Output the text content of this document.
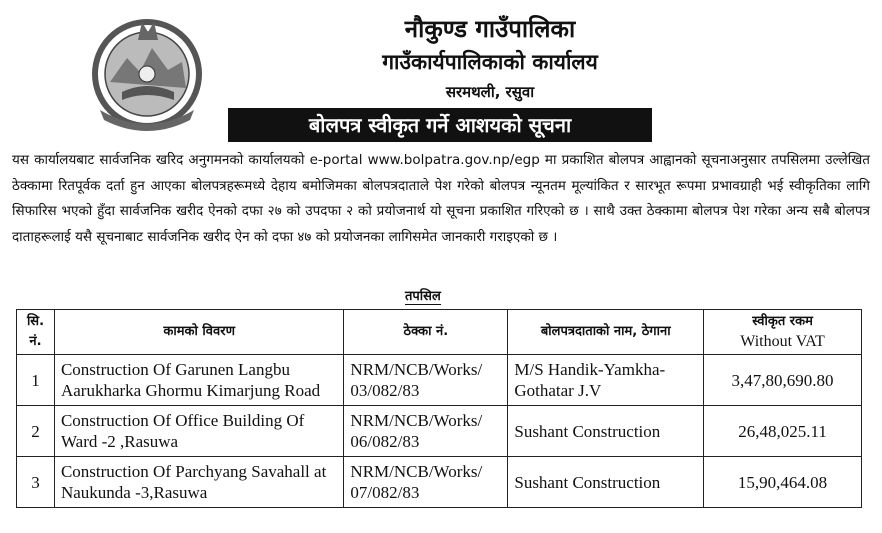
नौकुण्ड गाउँपालिका
गाउँकार्यपालिकाको कार्यालय
सरमथली, रसुवा
बोलपत्र स्वीकृत गर्ने आशयको सूचना
यस कार्यालयबाट सार्वजनिक खरिद अनुगमनको कार्यालयको e-portal www.bolpatra.gov.np/egp मा प्रकाशित बोलपत्र आह्वानको सूचनाअनुसार तपसिलमा उल्लेखित ठेक्कामा रितपूर्वक दर्ता हुन आएका बोलपत्रहरूमध्ये देहाय बमोजिमका बोलपत्रदाताले पेश गरेको बोलपत्र न्यूनतम मूल्यांकित र सारभूत रूपमा प्रभावग्राही भई स्वीकृतिका लागि सिफारिस भएको हुँदा सार्वजनिक खरीद ऐनको दफा २७ को उपदफा २ को प्रयोजनार्थ यो सूचना प्रकाशित गरिएको छ । साथै उक्त ठेक्कामा बोलपत्र पेश गरेका अन्य सबै बोलपत्र दाताहरूलाई यसै सूचनाबाट सार्वजनिक खरीद ऐन को दफा ४७ को प्रयोजनका लागिसमेत जानकारी गराइएको छ ।
तपसिल
सि. नं.	कामको विवरण	ठेक्का नं.	बोलपत्रदाताको नाम, ठेगाना	स्वीकृत रकम
Without VAT

1	Construction Of Garunen Langbu Aarukharka Ghormu Kimarjung Road	NRM/NCB/Works/ 03/082/83	M/S Handik-Yamkha-Gothatar J.V	3,47,80,690.80
2	Construction Of Office Building Of Ward -2 ,Rasuwa	NRM/NCB/Works/ 06/082/83	Sushant Construction	26,48,025.11
3	Construction Of Parchyang Savahall at Naukunda -3,Rasuwa	NRM/NCB/Works/ 07/082/83	Sushant Construction	15,90,464.08
